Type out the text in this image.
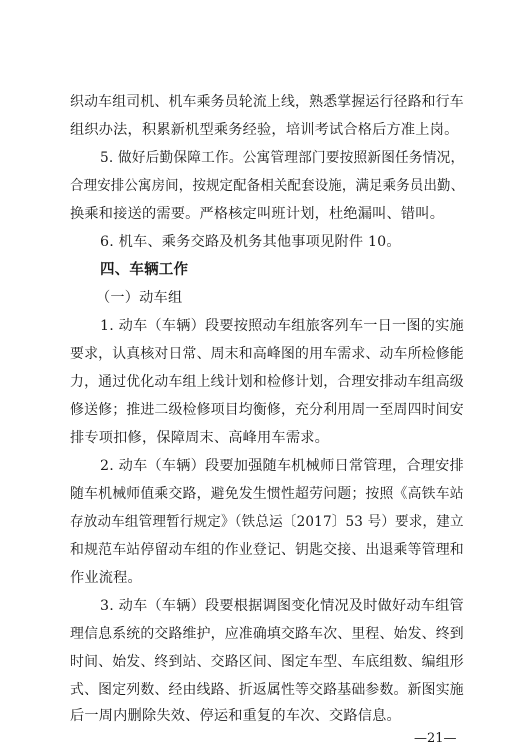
织动车组司机、机车乘务员轮流上线，熟悉掌握运行径路和行车
组织办法，积累新机型乘务经验，培训考试合格后方准上岗。
5. 做好后勤保障工作。公寓管理部门要按照新图任务情况，
合理安排公寓房间，按规定配备相关配套设施，满足乘务员出勤、
换乘和接送的需要。严格核定叫班计划，杜绝漏叫、错叫。
6. 机车、乘务交路及机务其他事项见附件 10。
四、车辆工作
（一）动车组
1. 动车（车辆）段要按照动车组旅客列车一日一图的实施
要求，认真核对日常、周末和高峰图的用车需求、动车所检修能
力，通过优化动车组上线计划和检修计划，合理安排动车组高级
修送修；推进二级检修项目均衡修，充分利用周一至周四时间安
排专项扣修，保障周末、高峰用车需求。
2. 动车（车辆）段要加强随车机械师日常管理，合理安排
随车机械师值乘交路，避免发生惯性超劳问题；按照《高铁车站
存放动车组管理暂行规定》（铁总运〔2017〕53 号）要求，建立
和规范车站停留动车组的作业登记、钥匙交接、出退乘等管理和
作业流程。
3. 动车（车辆）段要根据调图变化情况及时做好动车组管
理信息系统的交路维护，应准确填交路车次、里程、始发、终到
时间、始发、终到站、交路区间、图定车型、车底组数、编组形
式、图定列数、经由线路、折返属性等交路基础参数。新图实施
后一周内删除失效、停运和重复的车次、交路信息。
—21—
